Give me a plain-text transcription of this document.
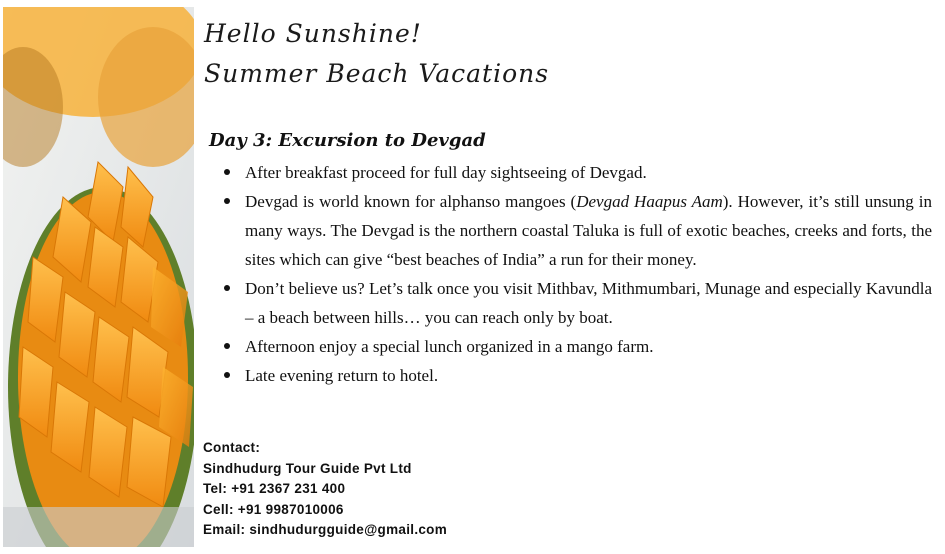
Hello Sunshine!
Summer Beach Vacations
Day 3: Excursion to Devgad
After breakfast proceed for full day sightseeing of Devgad.
Devgad is world known for alphanso mangoes (Devgad Haapus Aam). However, it’s still unsung in many ways. The Devgad is the northern coastal Taluka is full of exotic beaches, creeks and forts, the sites which can give “best beaches of India” a run for their money.
Don’t believe us? Let’s talk once you visit Mithbav, Mithmumbari, Munage and especially Kavundla – a beach between hills… you can reach only by boat.
Afternoon enjoy a special lunch organized in a mango farm.
Late evening return to hotel.
Contact:
Sindhudurg Tour Guide Pvt Ltd
Tel: +91 2367 231 400
Cell: +91 9987010006
Email: sindhudurgguide@gmail.com
